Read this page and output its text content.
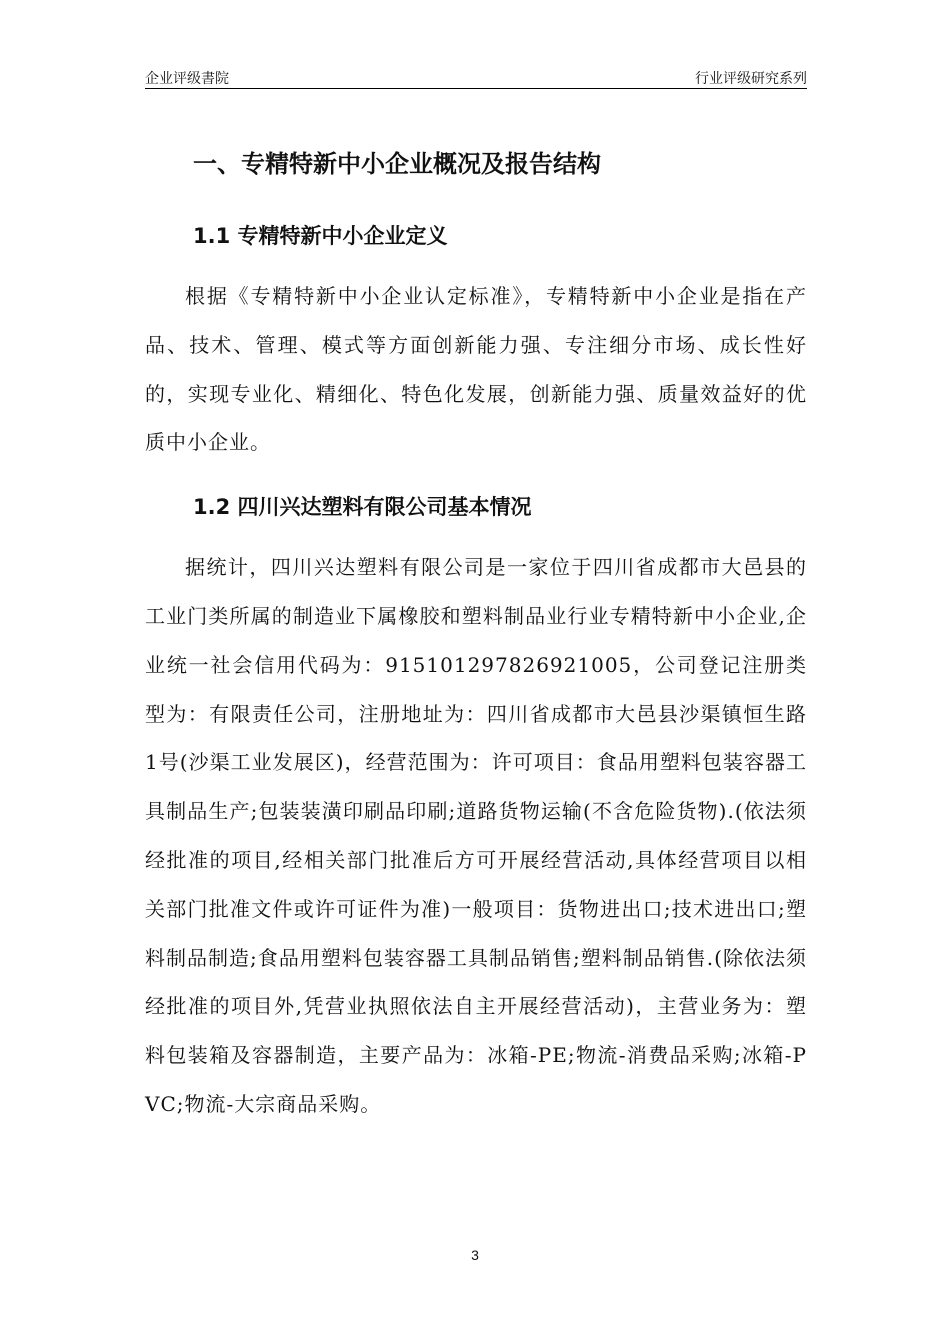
企业评级書院	行业评级研究系列
一、专精特新中小企业概况及报告结构
1.1 专精特新中小企业定义

根据《专精特新中小企业认定标准》，专精特新中小企业是指在产品、技术、管理、模式等方面创新能力强、专注细分市场、成长性好的，实现专业化、精细化、特色化发展，创新能力强、质量效益好的优质中小企业。

1.2 四川兴达塑料有限公司基本情况

据统计，四川兴达塑料有限公司是一家位于四川省成都市大邑县的工业门类所属的制造业下属橡胶和塑料制品业行业专精特新中小企业,企业统一社会信用代码为：915101297826921005，公司登记注册类型为：有限责任公司，注册地址为：四川省成都市大邑县沙渠镇恒生路1号(沙渠工业发展区)，经营范围为：许可项目：食品用塑料包装容器工具制品生产;包装装潢印刷品印刷;道路货物运输(不含危险货物).(依法须经批准的项目,经相关部门批准后方可开展经营活动,具体经营项目以相关部门批准文件或许可证件为准)一般项目：货物进出口;技术进出口;塑料制品制造;食品用塑料包装容器工具制品销售;塑料制品销售.(除依法须经批准的项目外,凭营业执照依法自主开展经营活动)，主营业务为：塑料包装箱及容器制造，主要产品为：冰箱-PE;物流-消费品采购;冰箱-PVC;物流-大宗商品采购。

3
